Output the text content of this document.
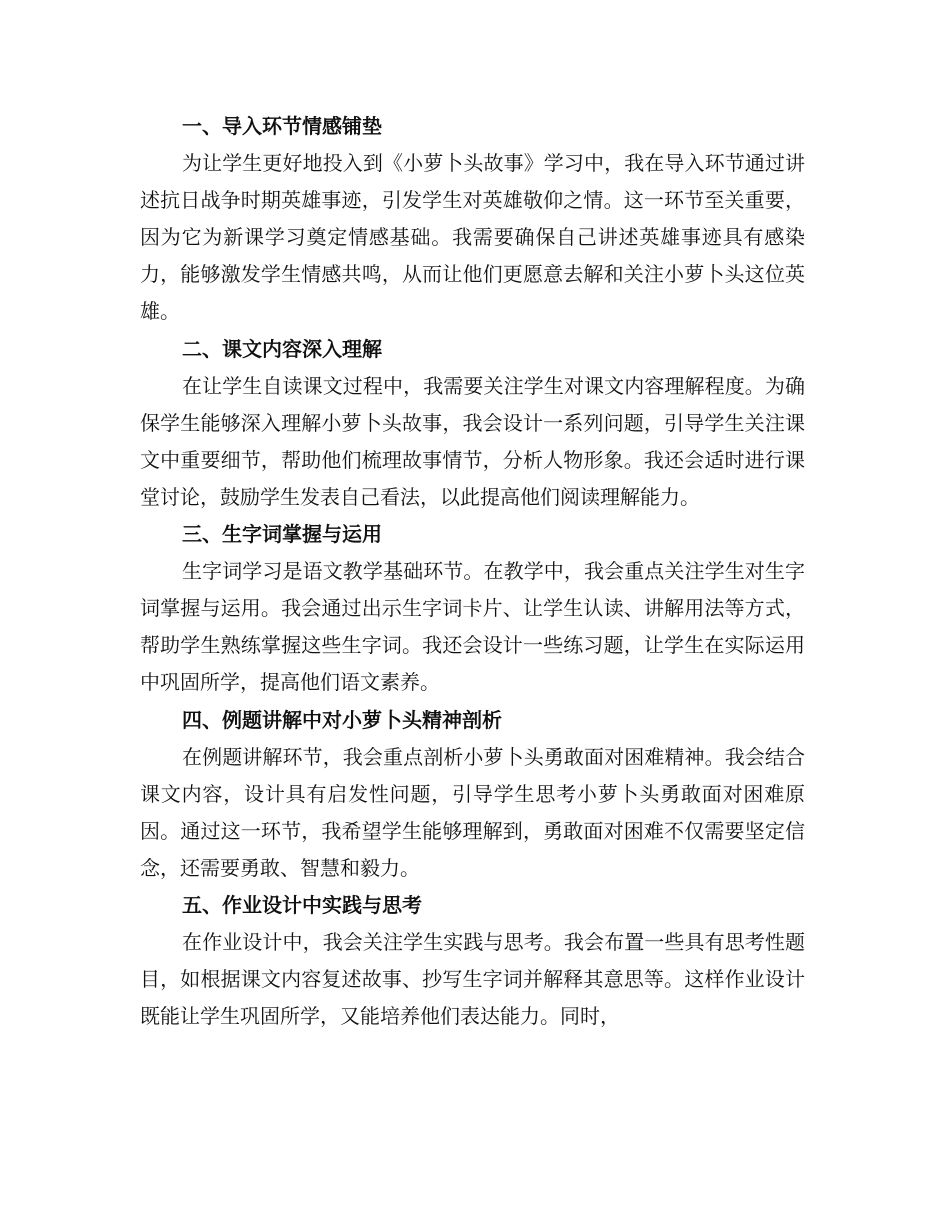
一、导入环节情感铺垫

为让学生更好地投入到《小萝卜头故事》学习中，我在导入环节通过讲述抗日战争时期英雄事迹，引发学生对英雄敬仰之情。这一环节至关重要，因为它为新课学习奠定情感基础。我需要确保自己讲述英雄事迹具有感染力，能够激发学生情感共鸣，从而让他们更愿意去解和关注小萝卜头这位英雄。

二、课文内容深入理解

在让学生自读课文过程中，我需要关注学生对课文内容理解程度。为确保学生能够深入理解小萝卜头故事，我会设计一系列问题，引导学生关注课文中重要细节，帮助他们梳理故事情节，分析人物形象。我还会适时进行课堂讨论，鼓励学生发表自己看法，以此提高他们阅读理解能力。

三、生字词掌握与运用

生字词学习是语文教学基础环节。在教学中，我会重点关注学生对生字词掌握与运用。我会通过出示生字词卡片、让学生认读、讲解用法等方式，帮助学生熟练掌握这些生字词。我还会设计一些练习题，让学生在实际运用中巩固所学，提高他们语文素养。

四、例题讲解中对小萝卜头精神剖析

在例题讲解环节，我会重点剖析小萝卜头勇敢面对困难精神。我会结合课文内容，设计具有启发性问题，引导学生思考小萝卜头勇敢面对困难原因。通过这一环节，我希望学生能够理解到，勇敢面对困难不仅需要坚定信念，还需要勇敢、智慧和毅力。

五、作业设计中实践与思考

在作业设计中，我会关注学生实践与思考。我会布置一些具有思考性题目，如根据课文内容复述故事、抄写生字词并解释其意思等。这样作业设计既能让学生巩固所学，又能培养他们表达能力。同时，
